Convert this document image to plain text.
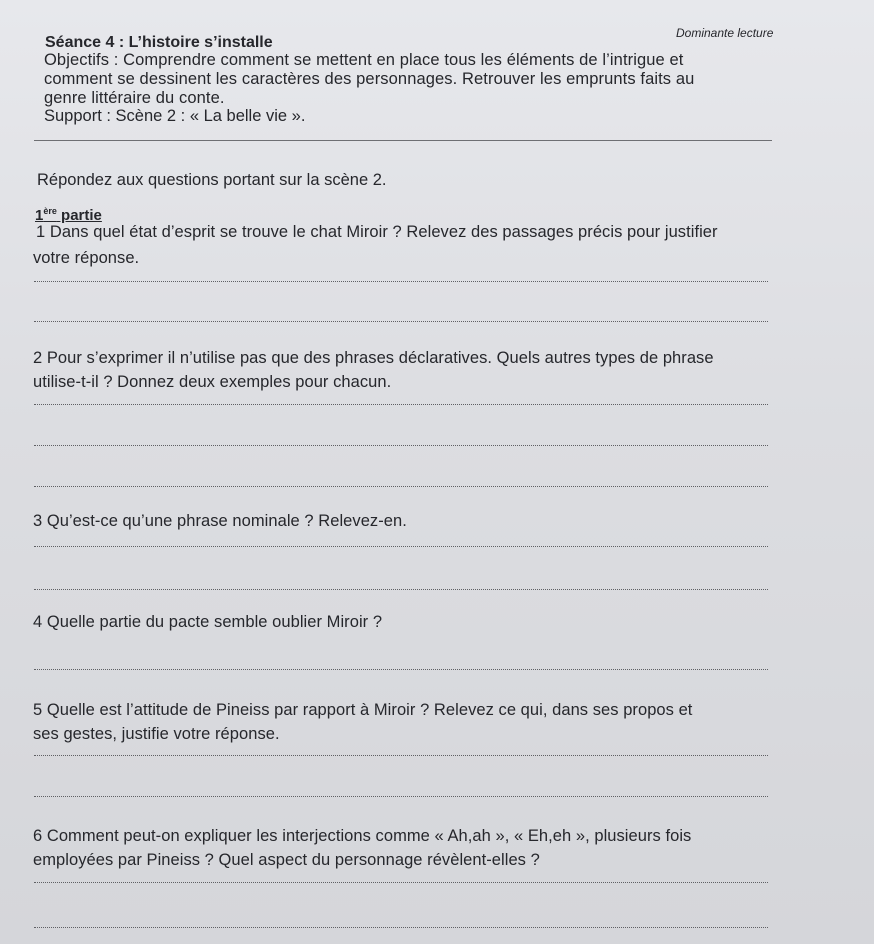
Dominante lecture
Séance 4 : L’histoire s’installe
Objectifs : Comprendre comment se mettent en place tous les éléments de l’intrigue et
comment se dessinent les caractères des personnages. Retrouver les emprunts faits au
genre littéraire du conte.
Support : Scène 2 : « La belle vie ».
Répondez aux questions portant sur la scène 2.
1ère partie
1 Dans quel état d’esprit se trouve le chat Miroir ? Relevez des passages précis pour justifier
votre réponse.
2 Pour s’exprimer il n’utilise pas que des phrases déclaratives. Quels autres types de phrase
utilise-t-il ? Donnez deux exemples pour chacun.
3 Qu’est-ce qu’une phrase nominale ? Relevez-en.
4 Quelle partie du pacte semble oublier Miroir ?
5 Quelle est l’attitude de Pineiss par rapport à Miroir ? Relevez ce qui, dans ses propos et
ses gestes, justifie votre réponse.
6 Comment peut-on expliquer les interjections comme « Ah,ah », « Eh,eh », plusieurs fois
employées par Pineiss ? Quel aspect du personnage révèlent-elles ?
